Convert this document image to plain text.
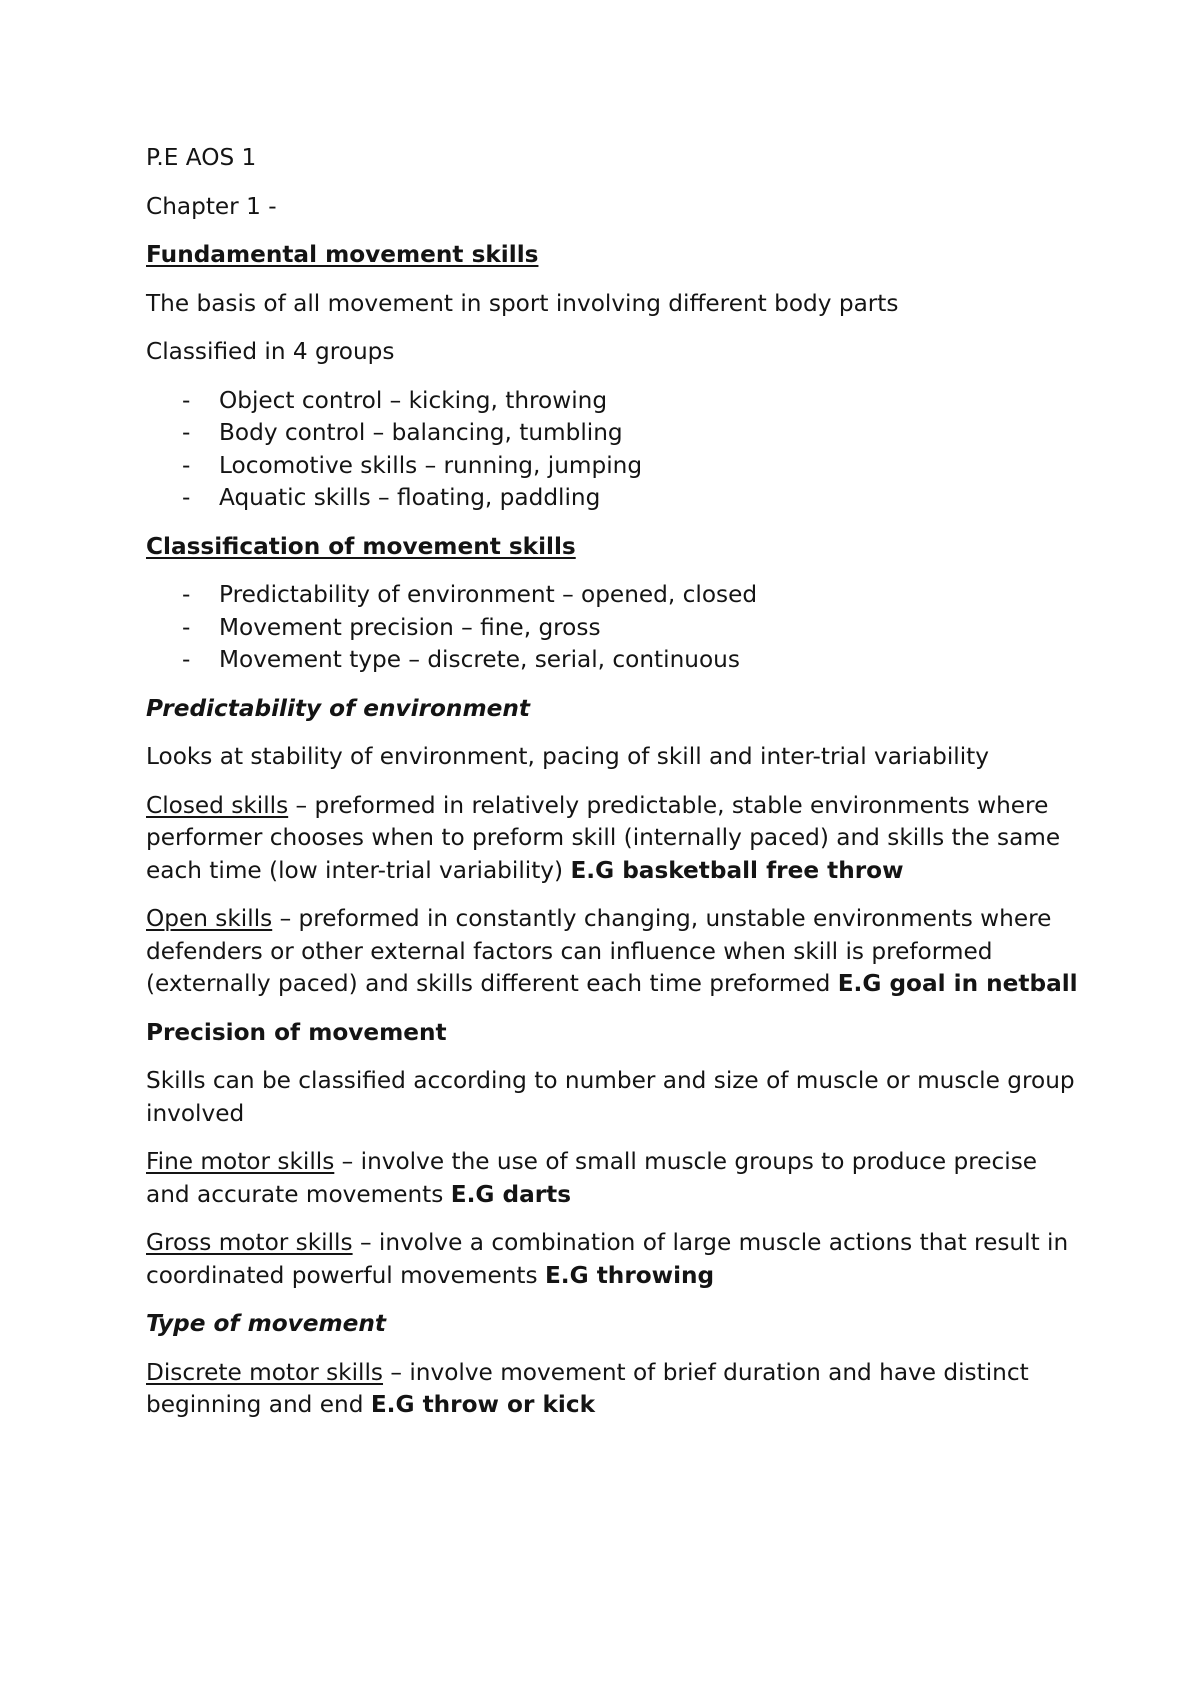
P.E AOS 1

Chapter 1 -

Fundamental movement skills

The basis of all movement in sport involving different body parts

Classified in 4 groups

- Object control – kicking, throwing
- Body control – balancing, tumbling
- Locomotive skills – running, jumping
- Aquatic skills – floating, paddling

Classification of movement skills

- Predictability of environment – opened, closed
- Movement precision – fine, gross
- Movement type – discrete, serial, continuous

Predictability of environment

Looks at stability of environment, pacing of skill and inter-trial variability

Closed skills – preformed in relatively predictable, stable environments where performer chooses when to preform skill (internally paced) and skills the same each time (low inter-trial variability) E.G basketball free throw

Open skills – preformed in constantly changing, unstable environments where defenders or other external factors can influence when skill is preformed (externally paced) and skills different each time preformed E.G goal in netball

Precision of movement

Skills can be classified according to number and size of muscle or muscle group involved

Fine motor skills – involve the use of small muscle groups to produce precise and accurate movements E.G darts

Gross motor skills – involve a combination of large muscle actions that result in coordinated powerful movements E.G throwing

Type of movement

Discrete motor skills – involve movement of brief duration and have distinct beginning and end E.G throw or kick
